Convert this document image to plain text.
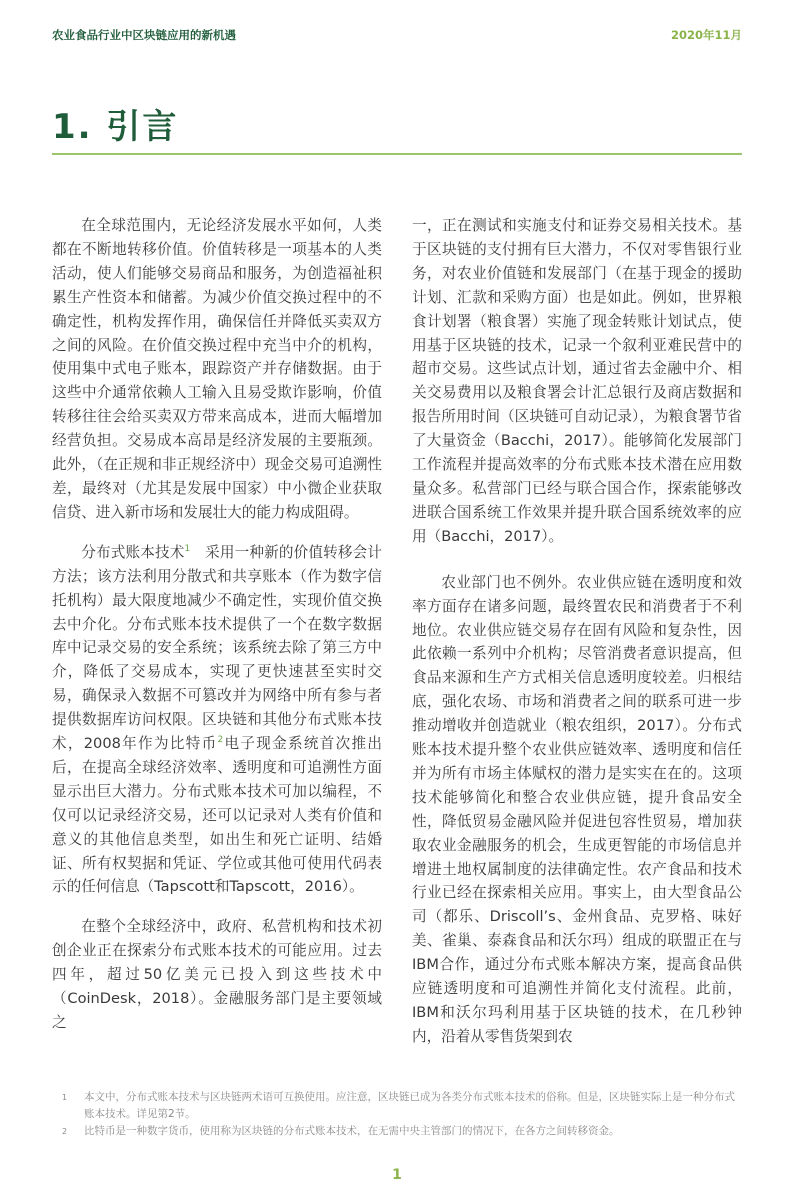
农业食品行业中区块链应用的新机遇	2020年11月
1. 引言

在全球范围内，无论经济发展水平如何，人类都在不断地转移价值。价值转移是一项基本的人类活动，使人们能够交易商品和服务，为创造福祉积累生产性资本和储蓄。为减少价值交换过程中的不确定性，机构发挥作用，确保信任并降低买卖双方之间的风险。在价值交换过程中充当中介的机构，使用集中式电子账本，跟踪资产并存储数据。由于这些中介通常依赖人工输入且易受欺诈影响，价值转移往往会给买卖双方带来高成本，进而大幅增加经营负担。交易成本高昂是经济发展的主要瓶颈。此外，（在正规和非正规经济中）现金交易可追溯性差，最终对（尤其是发展中国家）中小微企业获取信贷、进入新市场和发展壮大的能力构成阻碍。

分布式账本技术$^1$　采用一种新的价值转移会计方法；该方法利用分散式和共享账本（作为数字信托机构）最大限度地减少不确定性，实现价值交换去中介化。分布式账本技术提供了一个在数字数据库中记录交易的安全系统；该系统去除了第三方中介，降低了交易成本，实现了更快速甚至实时交易，确保录入数据不可篡改并为网络中所有参与者提供数据库访问权限。区块链和其他分布式账本技术，2008年作为比特币$^2$电子现金系统首次推出后，在提高全球经济效率、透明度和可追溯性方面显示出巨大潜力。分布式账本技术可加以编程，不仅可以记录经济交易，还可以记录对人类有价值和意义的其他信息类型，如出生和死亡证明、结婚证、所有权契据和凭证、学位或其他可使用代码表示的任何信息（Tapscott和Tapscott，2016）。

在整个全球经济中，政府、私营机构和技术初创企业正在探索分布式账本技术的可能应用。过去四年，超过50亿美元已投入到这些技术中（CoinDesk，2018）。金融服务部门是主要领域之

一，正在测试和实施支付和证券交易相关技术。基于区块链的支付拥有巨大潜力，不仅对零售银行业务，对农业价值链和发展部门（在基于现金的援助计划、汇款和采购方面）也是如此。例如，世界粮食计划署（粮食署）实施了现金转账计划试点，使用基于区块链的技术，记录一个叙利亚难民营中的超市交易。这些试点计划，通过省去金融中介、相关交易费用以及粮食署会计汇总银行及商店数据和报告所用时间（区块链可自动记录），为粮食署节省了大量资金（Bacchi，2017）。能够简化发展部门工作流程并提高效率的分布式账本技术潜在应用数量众多。私营部门已经与联合国合作，探索能够改进联合国系统工作效果并提升联合国系统效率的应用（Bacchi，2017）。

农业部门也不例外。农业供应链在透明度和效率方面存在诸多问题，最终置农民和消费者于不利地位。农业供应链交易存在固有风险和复杂性，因此依赖一系列中介机构；尽管消费者意识提高，但食品来源和生产方式相关信息透明度较差。归根结底，强化农场、市场和消费者之间的联系可进一步推动增收并创造就业（粮农组织，2017）。分布式账本技术提升整个农业供应链效率、透明度和信任并为所有市场主体赋权的潜力是实实在在的。这项技术能够简化和整合农业供应链，提升食品安全性，降低贸易金融风险并促进包容性贸易，增加获取农业金融服务的机会，生成更智能的市场信息并增进土地权属制度的法律确定性。农产食品和技术行业已经在探索相关应用。事实上，由大型食品公司（都乐、Driscoll’s、金州食品、克罗格、味好美、雀巢、泰森食品和沃尔玛）组成的联盟正在与IBM合作，通过分布式账本解决方案，提高食品供应链透明度和可追溯性并简化支付流程。此前，IBM和沃尔玛利用基于区块链的技术，在几秒钟内，沿着从零售货架到农

1 本文中，分布式账本技术与区块链两术语可互换使用。应注意，区块链已成为各类分布式账本技术的俗称。但是，区块链实际上是一种分布式账本技术。详见第2节。
2 比特币是一种数字货币，使用称为区块链的分布式账本技术，在无需中央主管部门的情况下，在各方之间转移资金。
1
